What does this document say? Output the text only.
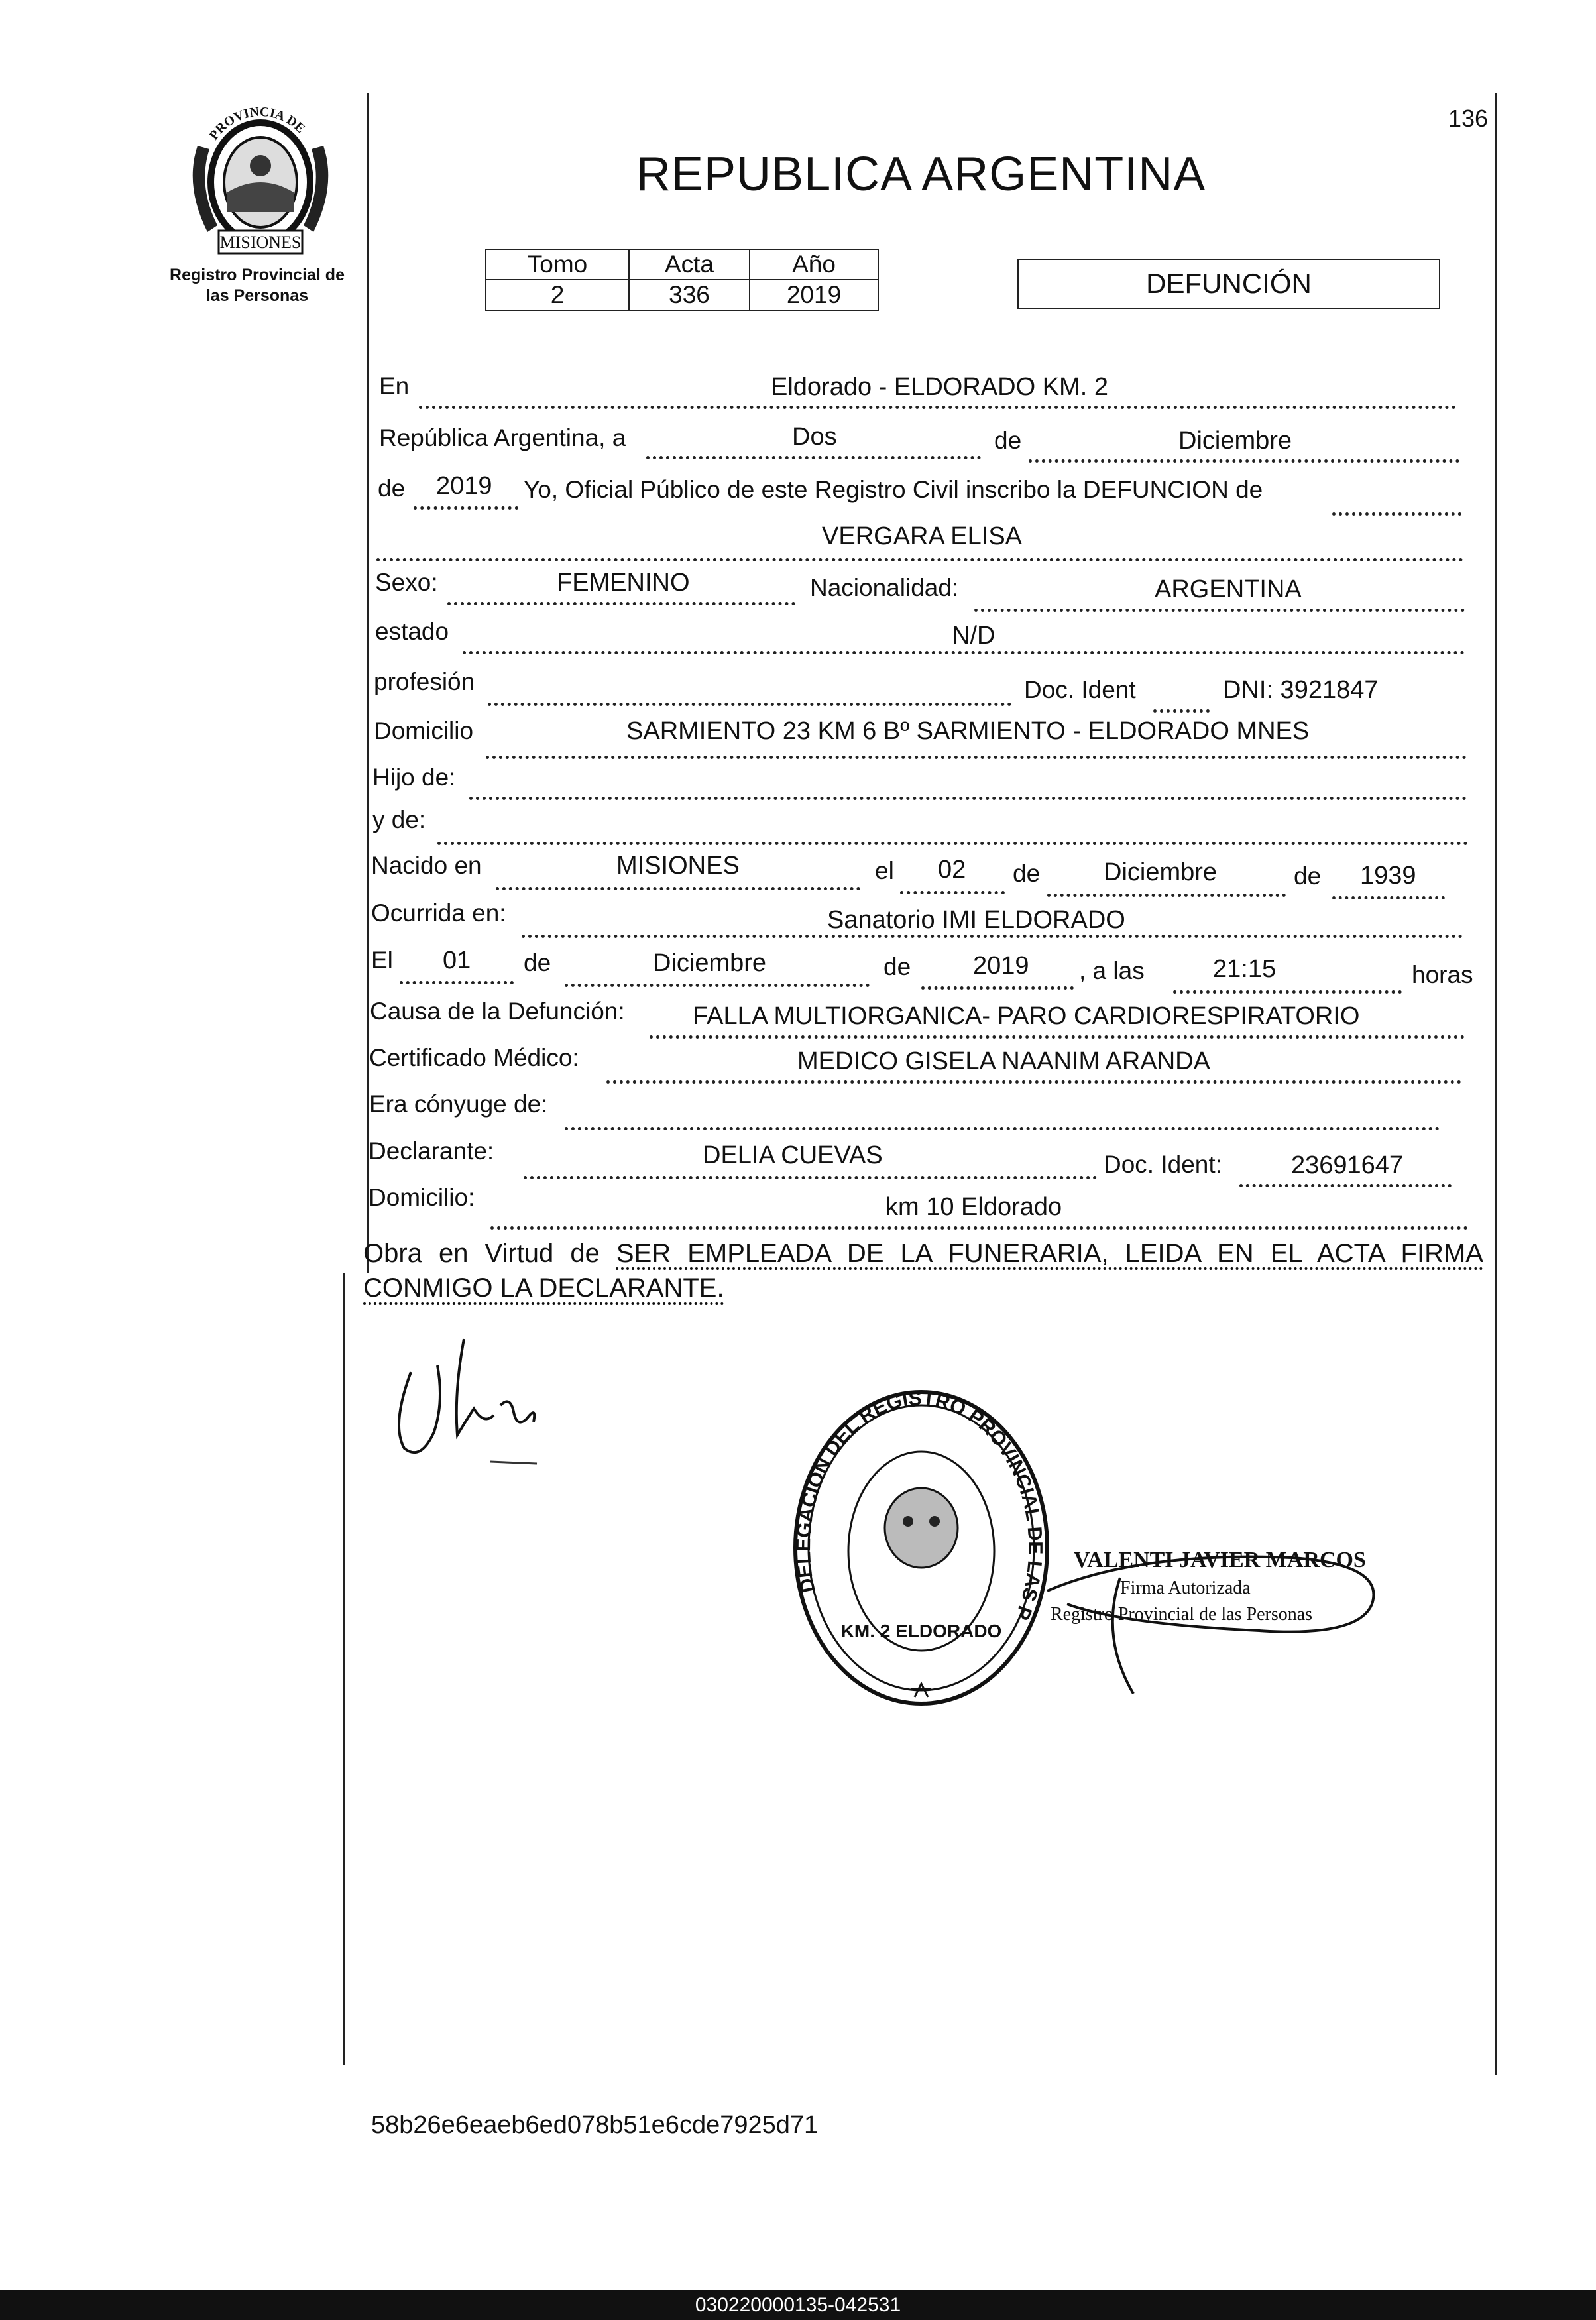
136
PROVINCIA DE
MISIONES
Registro Provincial de
las Personas
REPUBLICA ARGENTINA
Tomo	Acta	Año
2	336	2019	DEFUNCIÓN
En	Eldorado - ELDORADO KM. 2
República Argentina, a	Dos	de	Diciembre
de 2019 Yo, Oficial Público de este Registro Civil inscribo la DEFUNCION de
VERGARA ELISA
Sexo:	FEMENINO	Nacionalidad:	ARGENTINA
estado	N/D
profesión	Doc. Ident	DNI: 3921847
Domicilio	SARMIENTO 23 KM 6 Bº SARMIENTO - ELDORADO MNES
Hijo de:
y de:
Nacido en	MISIONES	el 02 de	Diciembre	de 1939
Ocurrida en:	Sanatorio IMI ELDORADO
El 01 de	Diciembre	de 2019 , a las	21:15	horas
Causa de la Defunción:	FALLA MULTIORGANICA- PARO CARDIORESPIRATORIO
Certificado Médico:	MEDICO GISELA NAANIM ARANDA
Era cónyuge de:
Declarante:	DELIA CUEVAS	Doc. Ident:	23691647
Domicilio:	km 10 Eldorado
Obra en Virtud de SER EMPLEADA DE LA FUNERARIA, LEIDA EN EL ACTA FIRMA CONMIGO LA DECLARANTE.
DELEGACION DEL REGISTRO PROVINCIAL DE LAS P
KM. 2 ELDORADO
VALENTI JAVIER MARCOS
Firma Autorizada
Registro Provincial de las Personas
58b26e6eaeb6ed078b51e6cde7925d71
030220000135-042531
